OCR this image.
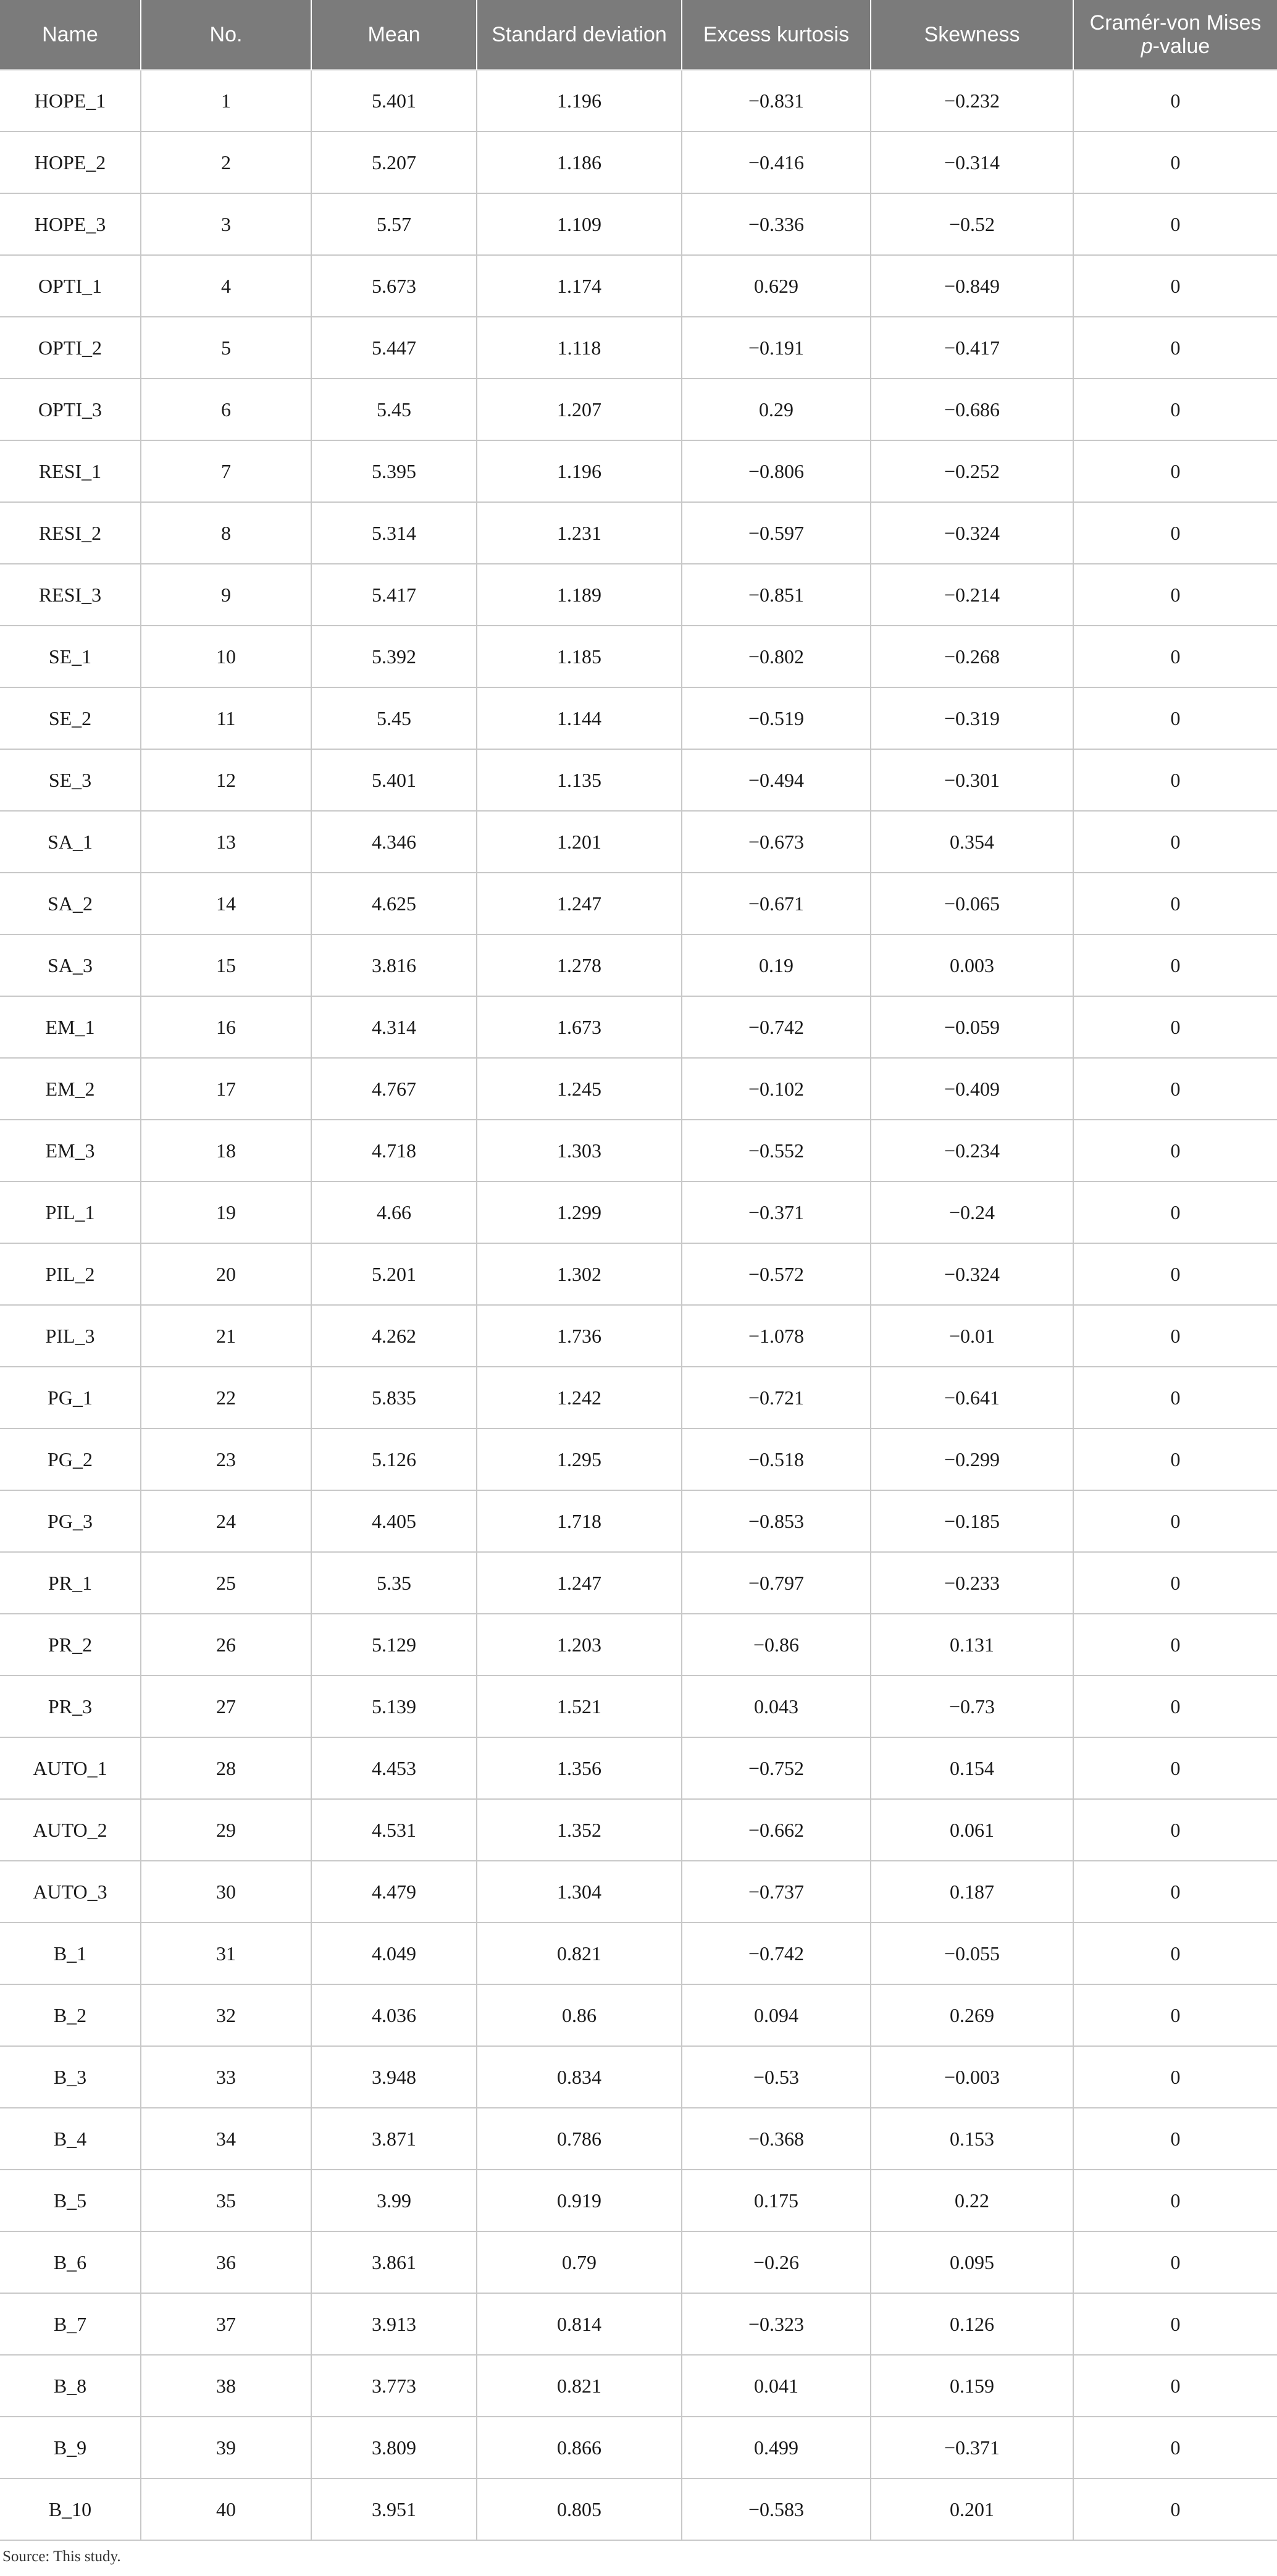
Name	No.	Mean	Standard deviation	Excess kurtosis	Skewness	Cramér-von Mises p-value
HOPE_1	1	5.401	1.196	−0.831	−0.232	0
HOPE_2	2	5.207	1.186	−0.416	−0.314	0
HOPE_3	3	5.57	1.109	−0.336	−0.52	0
OPTI_1	4	5.673	1.174	0.629	−0.849	0
OPTI_2	5	5.447	1.118	−0.191	−0.417	0
OPTI_3	6	5.45	1.207	0.29	−0.686	0
RESI_1	7	5.395	1.196	−0.806	−0.252	0
RESI_2	8	5.314	1.231	−0.597	−0.324	0
RESI_3	9	5.417	1.189	−0.851	−0.214	0
SE_1	10	5.392	1.185	−0.802	−0.268	0
SE_2	11	5.45	1.144	−0.519	−0.319	0
SE_3	12	5.401	1.135	−0.494	−0.301	0
SA_1	13	4.346	1.201	−0.673	0.354	0
SA_2	14	4.625	1.247	−0.671	−0.065	0
SA_3	15	3.816	1.278	0.19	0.003	0
EM_1	16	4.314	1.673	−0.742	−0.059	0
EM_2	17	4.767	1.245	−0.102	−0.409	0
EM_3	18	4.718	1.303	−0.552	−0.234	0
PIL_1	19	4.66	1.299	−0.371	−0.24	0
PIL_2	20	5.201	1.302	−0.572	−0.324	0
PIL_3	21	4.262	1.736	−1.078	−0.01	0
PG_1	22	5.835	1.242	−0.721	−0.641	0
PG_2	23	5.126	1.295	−0.518	−0.299	0
PG_3	24	4.405	1.718	−0.853	−0.185	0
PR_1	25	5.35	1.247	−0.797	−0.233	0
PR_2	26	5.129	1.203	−0.86	0.131	0
PR_3	27	5.139	1.521	0.043	−0.73	0
AUTO_1	28	4.453	1.356	−0.752	0.154	0
AUTO_2	29	4.531	1.352	−0.662	0.061	0
AUTO_3	30	4.479	1.304	−0.737	0.187	0
B_1	31	4.049	0.821	−0.742	−0.055	0
B_2	32	4.036	0.86	0.094	0.269	0
B_3	33	3.948	0.834	−0.53	−0.003	0
B_4	34	3.871	0.786	−0.368	0.153	0
B_5	35	3.99	0.919	0.175	0.22	0
B_6	36	3.861	0.79	−0.26	0.095	0
B_7	37	3.913	0.814	−0.323	0.126	0
B_8	38	3.773	0.821	0.041	0.159	0
B_9	39	3.809	0.866	0.499	−0.371	0
B_10	40	3.951	0.805	−0.583	0.201	0
Source: This study.
